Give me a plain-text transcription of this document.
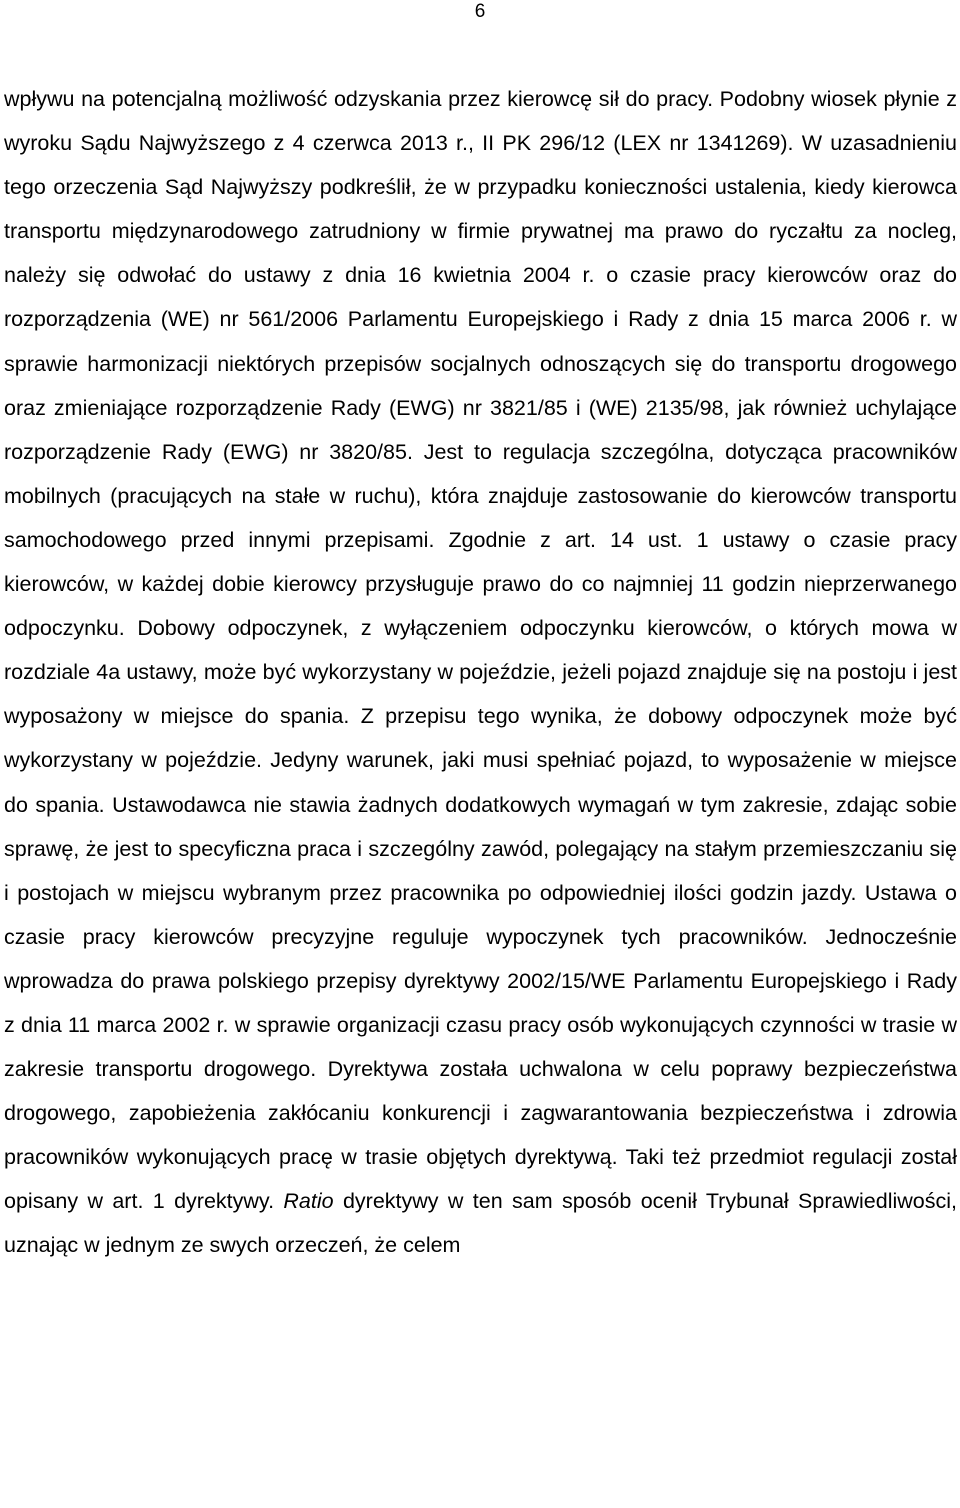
6

wpływu na potencjalną możliwość odzyskania przez kierowcę sił do pracy. Podobny wiosek płynie z wyroku Sądu Najwyższego z 4 czerwca 2013 r., II PK 296/12 (LEX nr 1341269). W uzasadnieniu tego orzeczenia Sąd Najwyższy podkreślił, że w przypadku konieczności ustalenia, kiedy kierowca transportu międzynarodowego zatrudniony w firmie prywatnej ma prawo do ryczałtu za nocleg, należy się odwołać do ustawy z dnia 16 kwietnia 2004 r. o czasie pracy kierowców oraz do rozporządzenia (WE) nr 561/2006 Parlamentu Europejskiego i Rady z dnia 15 marca 2006 r. w sprawie harmonizacji niektórych przepisów socjalnych odnoszących się do transportu drogowego oraz zmieniające rozporządzenie Rady (EWG) nr 3821/85 i (WE) 2135/98, jak również uchylające rozporządzenie Rady (EWG) nr 3820/85. Jest to regulacja szczególna, dotycząca pracowników mobilnych (pracujących na stałe w ruchu), która znajduje zastosowanie do kierowców transportu samochodowego przed innymi przepisami. Zgodnie z art. 14 ust. 1 ustawy o czasie pracy kierowców, w każdej dobie kierowcy przysługuje prawo do co najmniej 11 godzin nieprzerwanego odpoczynku. Dobowy odpoczynek, z wyłączeniem odpoczynku kierowców, o których mowa w rozdziale 4a ustawy, może być wykorzystany w pojeździe, jeżeli pojazd znajduje się na postoju i jest wyposażony w miejsce do spania. Z przepisu tego wynika, że dobowy odpoczynek może być wykorzystany w pojeździe. Jedyny warunek, jaki musi spełniać pojazd, to wyposażenie w miejsce do spania. Ustawodawca nie stawia żadnych dodatkowych wymagań w tym zakresie, zdając sobie sprawę, że jest to specyficzna praca i szczególny zawód, polegający na stałym przemieszczaniu się i postojach w miejscu wybranym przez pracownika po odpowiedniej ilości godzin jazdy. Ustawa o czasie pracy kierowców precyzyjne reguluje wypoczynek tych pracowników. Jednocześnie wprowadza do prawa polskiego przepisy dyrektywy 2002/15/WE Parlamentu Europejskiego i Rady z dnia 11 marca 2002 r. w sprawie organizacji czasu pracy osób wykonujących czynności w trasie w zakresie transportu drogowego. Dyrektywa została uchwalona w celu poprawy bezpieczeństwa drogowego, zapobieżenia zakłócaniu konkurencji i zagwarantowania bezpieczeństwa i zdrowia pracowników wykonujących pracę w trasie objętych dyrektywą. Taki też przedmiot regulacji został opisany w art. 1 dyrektywy. Ratio dyrektywy w ten sam sposób ocenił Trybunał Sprawiedliwości, uznając w jednym ze swych orzeczeń, że celem
